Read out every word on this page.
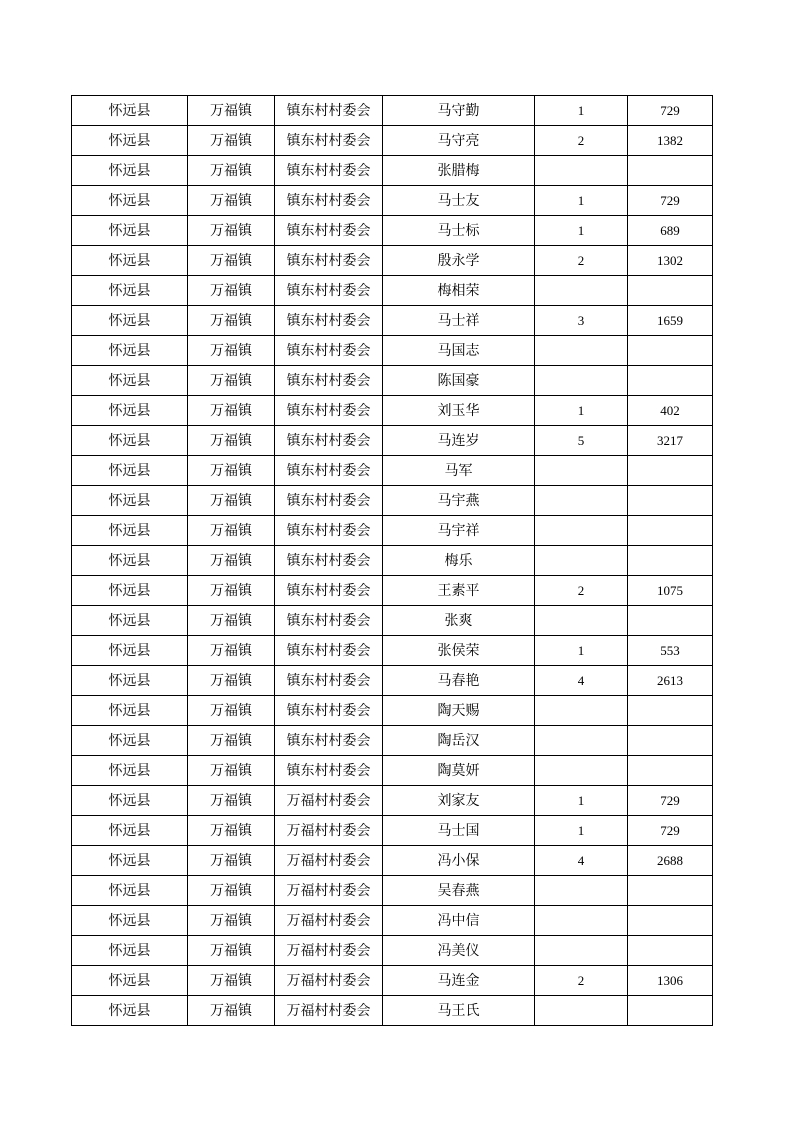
怀远县	万福镇	镇东村村委会	马守勤	1	729
怀远县	万福镇	镇东村村委会	马守亮	2	1382
怀远县	万福镇	镇东村村委会	张腊梅		
怀远县	万福镇	镇东村村委会	马士友	1	729
怀远县	万福镇	镇东村村委会	马士标	1	689
怀远县	万福镇	镇东村村委会	殷永学	2	1302
怀远县	万福镇	镇东村村委会	梅相荣		
怀远县	万福镇	镇东村村委会	马士祥	3	1659
怀远县	万福镇	镇东村村委会	马国志		
怀远县	万福镇	镇东村村委会	陈国豪		
怀远县	万福镇	镇东村村委会	刘玉华	1	402
怀远县	万福镇	镇东村村委会	马连岁	5	3217
怀远县	万福镇	镇东村村委会	马军		
怀远县	万福镇	镇东村村委会	马宇燕		
怀远县	万福镇	镇东村村委会	马宇祥		
怀远县	万福镇	镇东村村委会	梅乐		
怀远县	万福镇	镇东村村委会	王素平	2	1075
怀远县	万福镇	镇东村村委会	张爽		
怀远县	万福镇	镇东村村委会	张侯荣	1	553
怀远县	万福镇	镇东村村委会	马春艳	4	2613
怀远县	万福镇	镇东村村委会	陶天赐		
怀远县	万福镇	镇东村村委会	陶岳汉		
怀远县	万福镇	镇东村村委会	陶莫妍		
怀远县	万福镇	万福村村委会	刘家友	1	729
怀远县	万福镇	万福村村委会	马士国	1	729
怀远县	万福镇	万福村村委会	冯小保	4	2688
怀远县	万福镇	万福村村委会	吴春燕		
怀远县	万福镇	万福村村委会	冯中信		
怀远县	万福镇	万福村村委会	冯美仪		
怀远县	万福镇	万福村村委会	马连金	2	1306
怀远县	万福镇	万福村村委会	马王氏		
